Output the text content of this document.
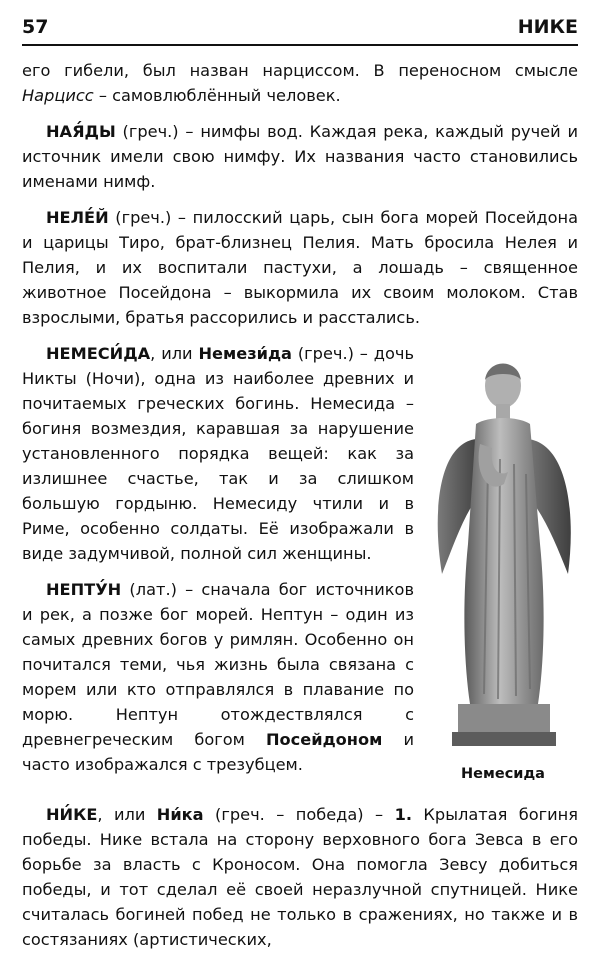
57	НИКЕ

его гибели, был назван нарциссом. В переносном смысле Нарцисс – самовлюблённый человек.

НАЯ́ДЫ (греч.) – нимфы вод. Каждая река, каждый ручей и источник имели свою нимфу. Их названия часто становились именами нимф.

НЕЛЕ́Й (греч.) – пилосский царь, сын бога морей Посейдона и царицы Тиро, брат-близнец Пелия. Мать бросила Нелея и Пелия, и их воспитали пастухи, а лошадь – священное животное Посейдона – выкормила их своим молоком. Став взрослыми, братья рассорились и расстались.

Немесида

НЕМЕСИ́ДА, или Немези́да (греч.) – дочь Никты (Ночи), одна из наиболее древних и почитаемых греческих богинь. Немесида – богиня возмездия, каравшая за нарушение установленного порядка вещей: как за излишнее счастье, так и за слишком большую гордыню. Немесиду чтили и в Риме, особенно солдаты. Её изображали в виде задумчивой, полной сил женщины.

НЕПТУ́Н (лат.) – сначала бог источников и рек, а позже бог морей. Нептун – один из самых древних богов у римлян. Особенно он почитался теми, чья жизнь была связана с морем или кто отправлялся в плавание по морю. Нептун отождествлялся с древнегреческим богом Посейдоном и часто изображался с трезубцем.

НИ́КЕ, или Ни́ка (греч. – победа) – 1. Крылатая богиня победы. Нике встала на сторону верховного бога Зевса в его борьбе за власть с Кроносом. Она помогла Зевсу добиться победы, и тот сделал её своей неразлучной спутницей. Нике считалась богиней побед не только в сражениях, но также и в состязаниях (артистических,
